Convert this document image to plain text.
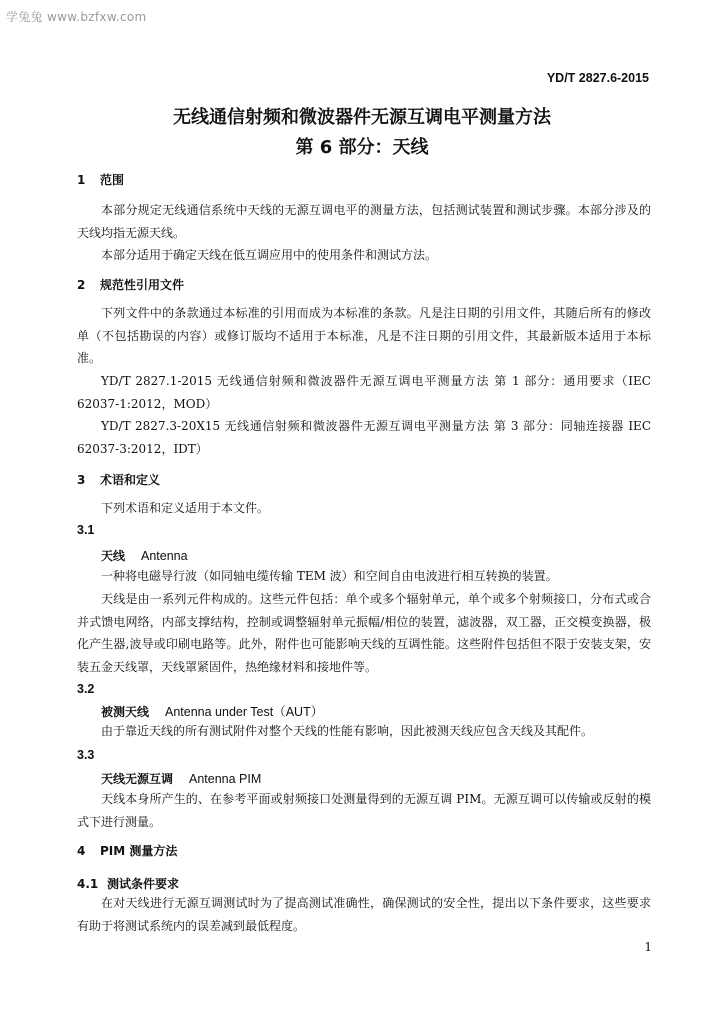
学兔兔 www.bzfxw.com
YD/T 2827.6-2015
无线通信射频和微波器件无源互调电平测量方法
第 6 部分：天线
1 范围
本部分规定无线通信系统中天线的无源互调电平的测量方法，包括测试装置和测试步骤。本部分涉及的天线均指无源天线。
本部分适用于确定天线在低互调应用中的使用条件和测试方法。
2 规范性引用文件
下列文件中的条款通过本标准的引用而成为本标准的条款。凡是注日期的引用文件，其随后所有的修改单（不包括勘误的内容）或修订版均不适用于本标准，凡是不注日期的引用文件，其最新版本适用于本标准。
YD/T 2827.1-2015 无线通信射频和微波器件无源互调电平测量方法 第 1 部分：通用要求（IEC 62037-1:2012，MOD）
YD/T 2827.3-20X15 无线通信射频和微波器件无源互调电平测量方法 第 3 部分：同轴连接器 IEC 62037-3:2012，IDT）
3 术语和定义
下列术语和定义适用于本文件。
3.1
天线 Antenna
一种将电磁导行波（如同轴电缆传输 TEM 波）和空间自由电波进行相互转换的装置。
天线是由一系列元件构成的。这些元件包括：单个或多个辐射单元，单个或多个射频接口，分布式或合并式馈电网络，内部支撑结构，控制或调整辐射单元振幅/相位的装置，滤波器，双工器，正交模变换器，极化产生器,波导或印刷电路等。此外，附件也可能影响天线的互调性能。这些附件包括但不限于安装支架，安装五金天线罩，天线罩紧固件，热绝缘材料和接地件等。
3.2
被测天线 Antenna under Test（AUT）
由于靠近天线的所有测试附件对整个天线的性能有影响，因此被测天线应包含天线及其配件。
3.3
天线无源互调 Antenna PIM
天线本身所产生的、在参考平面或射频接口处测量得到的无源互调 PIM。无源互调可以传输或反射的模式下进行测量。
4 PIM 测量方法
4.1 测试条件要求
在对天线进行无源互调测试时为了提高测试准确性，确保测试的安全性，提出以下条件要求，这些要求有助于将测试系统内的误差减到最低程度。
1
